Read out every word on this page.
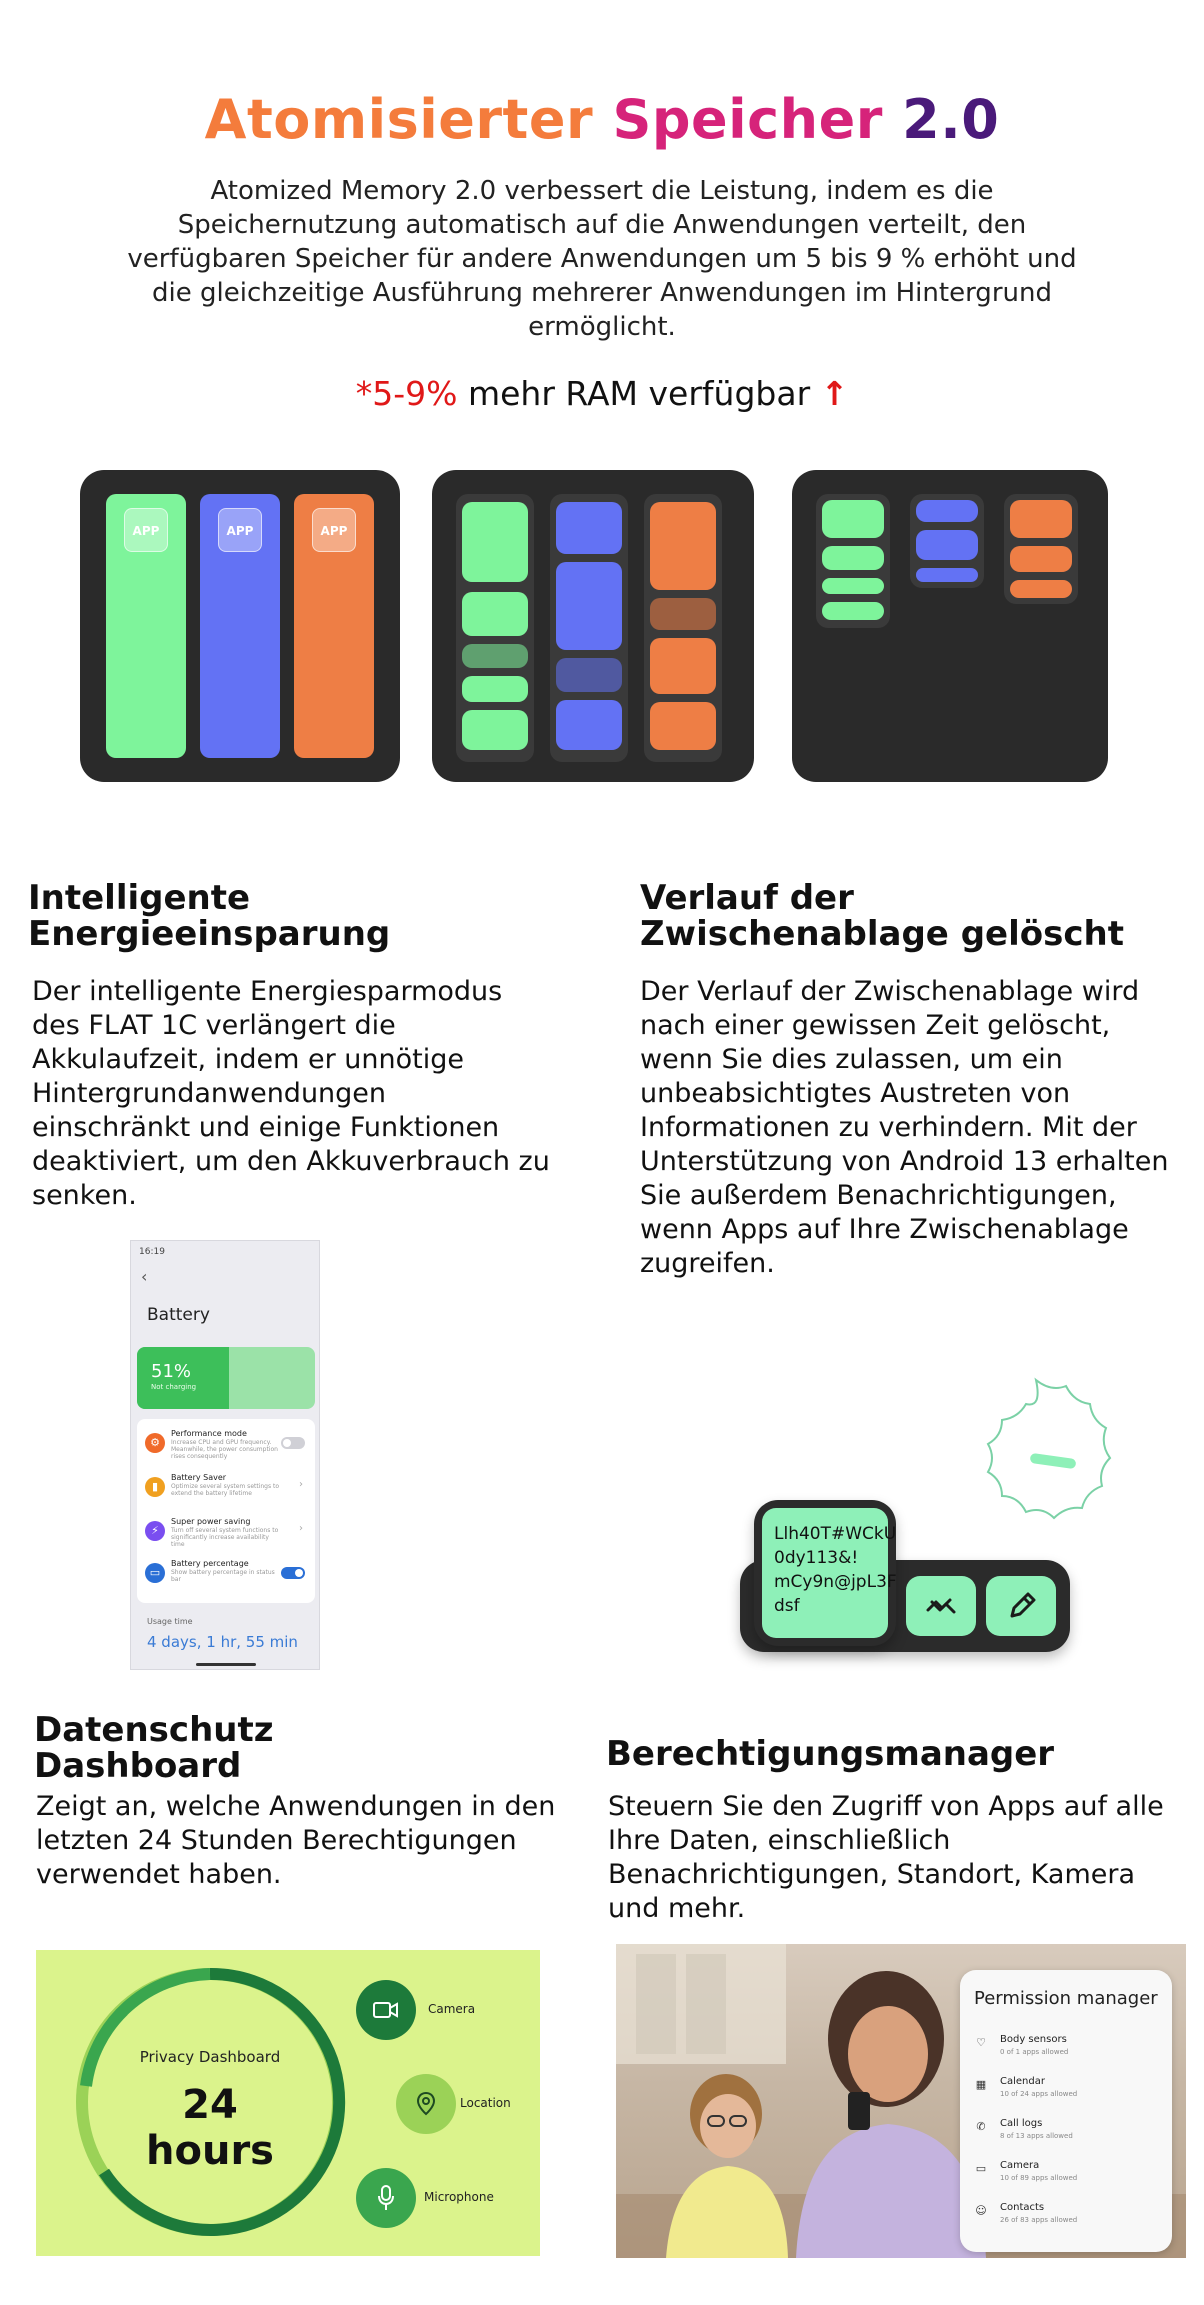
Atomisierter Speicher 2.0
Atomized Memory 2.0 verbessert die Leistung, indem es die Speichernutzung automatisch auf die Anwendungen verteilt, den verfügbaren Speicher für andere Anwendungen um 5 bis 9 % erhöht und die gleichzeitige Ausführung mehrerer Anwendungen im Hintergrund ermöglicht.
*5-9% mehr RAM verfügbar ↑
APP	APP	APP
Intelligente
Energieeinsparung
Der intelligente Energiesparmodus des FLAT 1C verlängert die Akkulaufzeit, indem er unnötige Hintergrundanwendungen einschränkt und einige Funktionen deaktiviert, um den Akkuverbrauch zu senken.
16:19
‹
Battery
51%
Not charging
⚙
Performance mode
Increase CPU and GPU frequency. Meanwhile, the power consumption rises consequently
▮
Battery Saver
Optimize several system settings to extend the battery lifetime
›
⚡
Super power saving
Turn off several system functions to significantly increase availability time
›
▭
Battery percentage
Show battery percentage in status bar
Usage time
4 days, 1 hr, 55 min
Verlauf der
Zwischenablage gelöscht
Der Verlauf der Zwischenablage wird nach einer gewissen Zeit gelöscht, wenn Sie dies zulassen, um ein unbeabsichtigtes Austreten von Informationen zu verhindern. Mit der Unterstützung von Android 13 erhalten Sie außerdem Benachrichtigungen, wenn Apps auf Ihre Zwischenablage zugreifen.
Llh40T#WCkU
0dy113&!
mCy9n@jpL3F
dsf
Datenschutz
Dashboard
Zeigt an, welche Anwendungen in den letzten 24 Stunden Berechtigungen verwendet haben.
Privacy Dashboard
24
hours
Camera
Location
Microphone
Berechtigungsmanager
Steuern Sie den Zugriff von Apps auf alle Ihre Daten, einschließlich Benachrichtigungen, Standort, Kamera und mehr.
Permission manager
♡ Body sensors
0 of 1 apps allowed
▦ Calendar
10 of 24 apps allowed
✆ Call logs
8 of 13 apps allowed
▭ Camera
10 of 89 apps allowed
☺ Contacts
26 of 83 apps allowed
